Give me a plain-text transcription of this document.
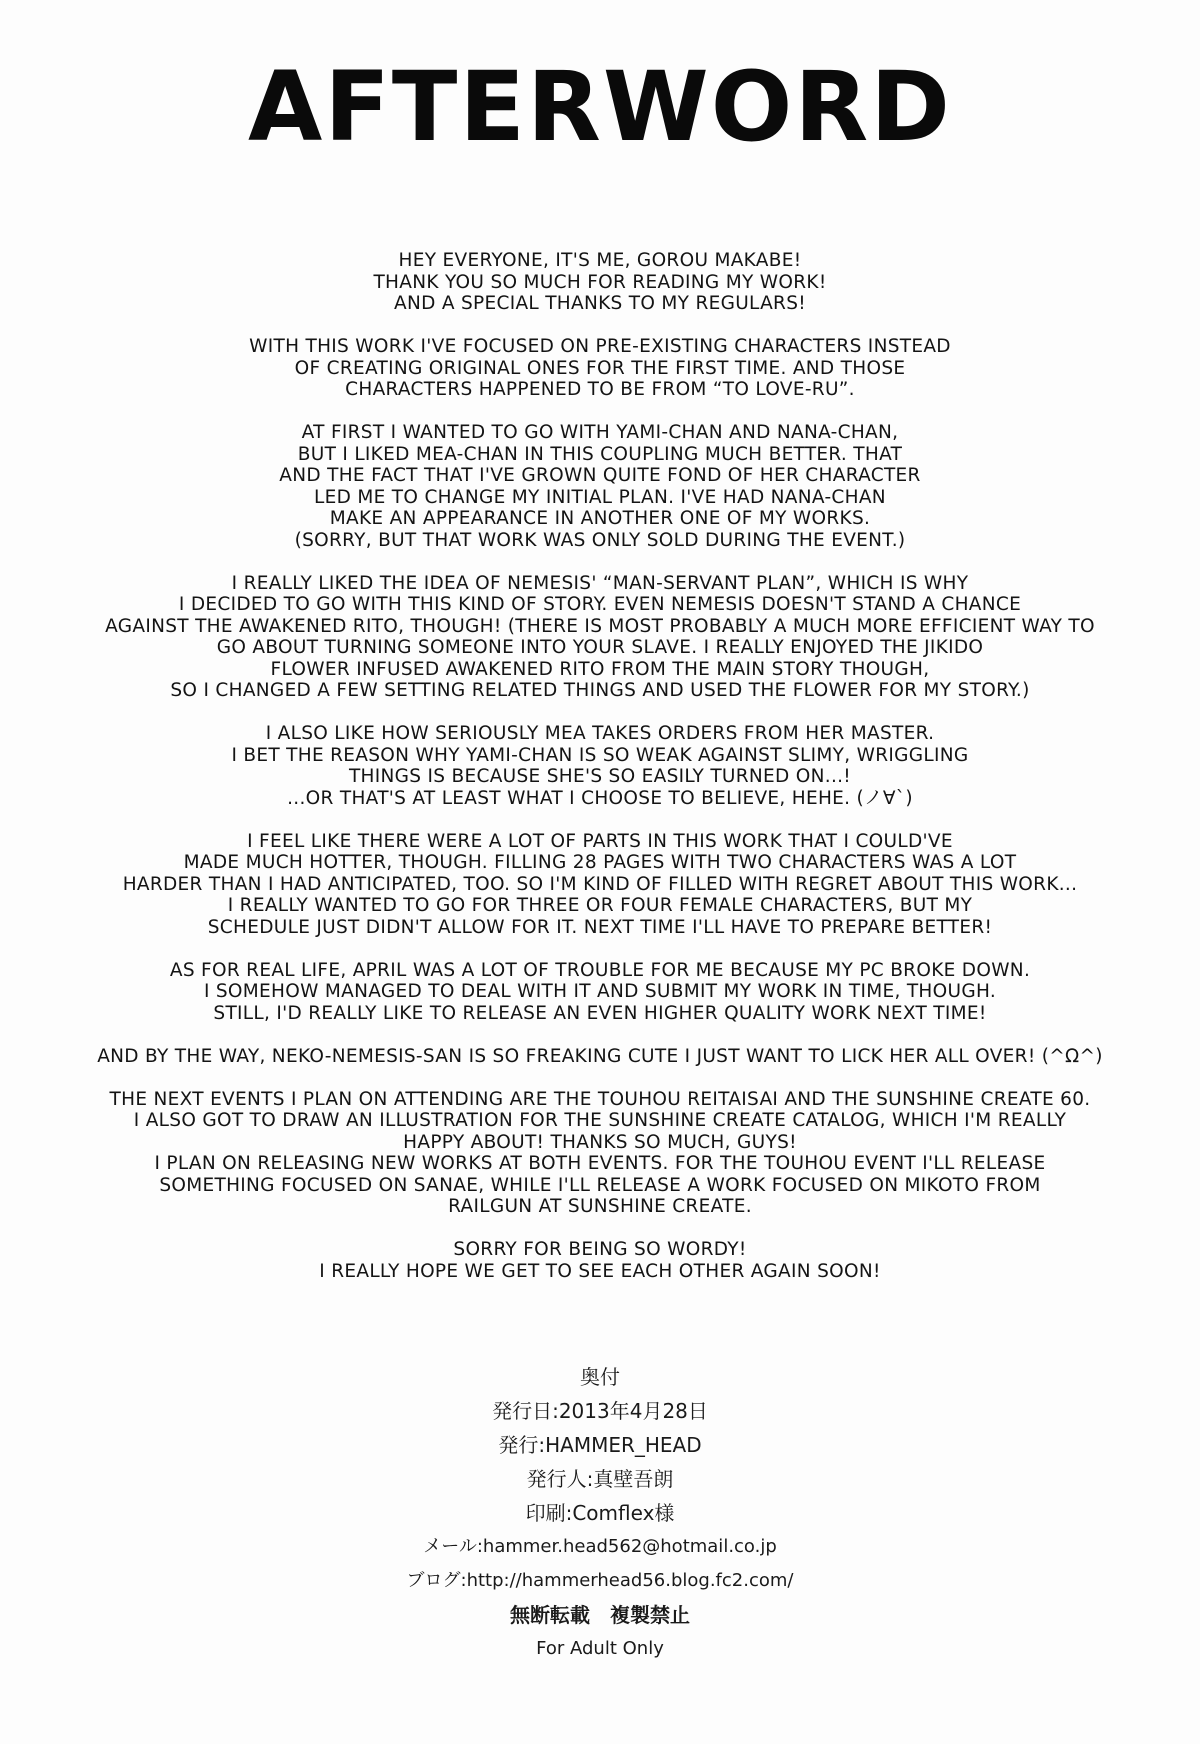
AFTERWORD

HEY EVERYONE, IT'S ME, GOROU MAKABE!
THANK YOU SO MUCH FOR READING MY WORK!
AND A SPECIAL THANKS TO MY REGULARS!

WITH THIS WORK I'VE FOCUSED ON PRE-EXISTING CHARACTERS INSTEAD
OF CREATING ORIGINAL ONES FOR THE FIRST TIME. AND THOSE
CHARACTERS HAPPENED TO BE FROM “TO LOVE-RU”.

AT FIRST I WANTED TO GO WITH YAMI-CHAN AND NANA-CHAN,
BUT I LIKED MEA-CHAN IN THIS COUPLING MUCH BETTER. THAT
AND THE FACT THAT I'VE GROWN QUITE FOND OF HER CHARACTER
LED ME TO CHANGE MY INITIAL PLAN. I'VE HAD NANA-CHAN
MAKE AN APPEARANCE IN ANOTHER ONE OF MY WORKS.
(SORRY, BUT THAT WORK WAS ONLY SOLD DURING THE EVENT.)

I REALLY LIKED THE IDEA OF NEMESIS' “MAN-SERVANT PLAN”, WHICH IS WHY
I DECIDED TO GO WITH THIS KIND OF STORY. EVEN NEMESIS DOESN'T STAND A CHANCE
AGAINST THE AWAKENED RITO, THOUGH! (THERE IS MOST PROBABLY A MUCH MORE EFFICIENT WAY TO
GO ABOUT TURNING SOMEONE INTO YOUR SLAVE. I REALLY ENJOYED THE JIKIDO
FLOWER INFUSED AWAKENED RITO FROM THE MAIN STORY THOUGH,
SO I CHANGED A FEW SETTING RELATED THINGS AND USED THE FLOWER FOR MY STORY.)

I ALSO LIKE HOW SERIOUSLY MEA TAKES ORDERS FROM HER MASTER.
I BET THE REASON WHY YAMI-CHAN IS SO WEAK AGAINST SLIMY, WRIGGLING
THINGS IS BECAUSE SHE'S SO EASILY TURNED ON...!
...OR THAT'S AT LEAST WHAT I CHOOSE TO BELIEVE, HEHE. (ノ∀`)

I FEEL LIKE THERE WERE A LOT OF PARTS IN THIS WORK THAT I COULD'VE
MADE MUCH HOTTER, THOUGH. FILLING 28 PAGES WITH TWO CHARACTERS WAS A LOT
HARDER THAN I HAD ANTICIPATED, TOO. SO I'M KIND OF FILLED WITH REGRET ABOUT THIS WORK...
I REALLY WANTED TO GO FOR THREE OR FOUR FEMALE CHARACTERS, BUT MY
SCHEDULE JUST DIDN'T ALLOW FOR IT. NEXT TIME I'LL HAVE TO PREPARE BETTER!

AS FOR REAL LIFE, APRIL WAS A LOT OF TROUBLE FOR ME BECAUSE MY PC BROKE DOWN.
I SOMEHOW MANAGED TO DEAL WITH IT AND SUBMIT MY WORK IN TIME, THOUGH.
STILL, I'D REALLY LIKE TO RELEASE AN EVEN HIGHER QUALITY WORK NEXT TIME!

AND BY THE WAY, NEKO-NEMESIS-SAN IS SO FREAKING CUTE I JUST WANT TO LICK HER ALL OVER! (^Ω^)

THE NEXT EVENTS I PLAN ON ATTENDING ARE THE TOUHOU REITAISAI AND THE SUNSHINE CREATE 60.
I ALSO GOT TO DRAW AN ILLUSTRATION FOR THE SUNSHINE CREATE CATALOG, WHICH I'M REALLY
HAPPY ABOUT! THANKS SO MUCH, GUYS!
I PLAN ON RELEASING NEW WORKS AT BOTH EVENTS. FOR THE TOUHOU EVENT I'LL RELEASE
SOMETHING FOCUSED ON SANAE, WHILE I'LL RELEASE A WORK FOCUSED ON MIKOTO FROM
RAILGUN AT SUNSHINE CREATE.

SORRY FOR BEING SO WORDY!
I REALLY HOPE WE GET TO SEE EACH OTHER AGAIN SOON!

奥付
発行日:2013年4月28日
発行:HAMMER_HEAD
発行人:真壁吾朗
印刷:Comflex様
メール:hammer.head562@hotmail.co.jp
ブログ:http://hammerhead56.blog.fc2.com/
無断転載　複製禁止
For Adult Only
